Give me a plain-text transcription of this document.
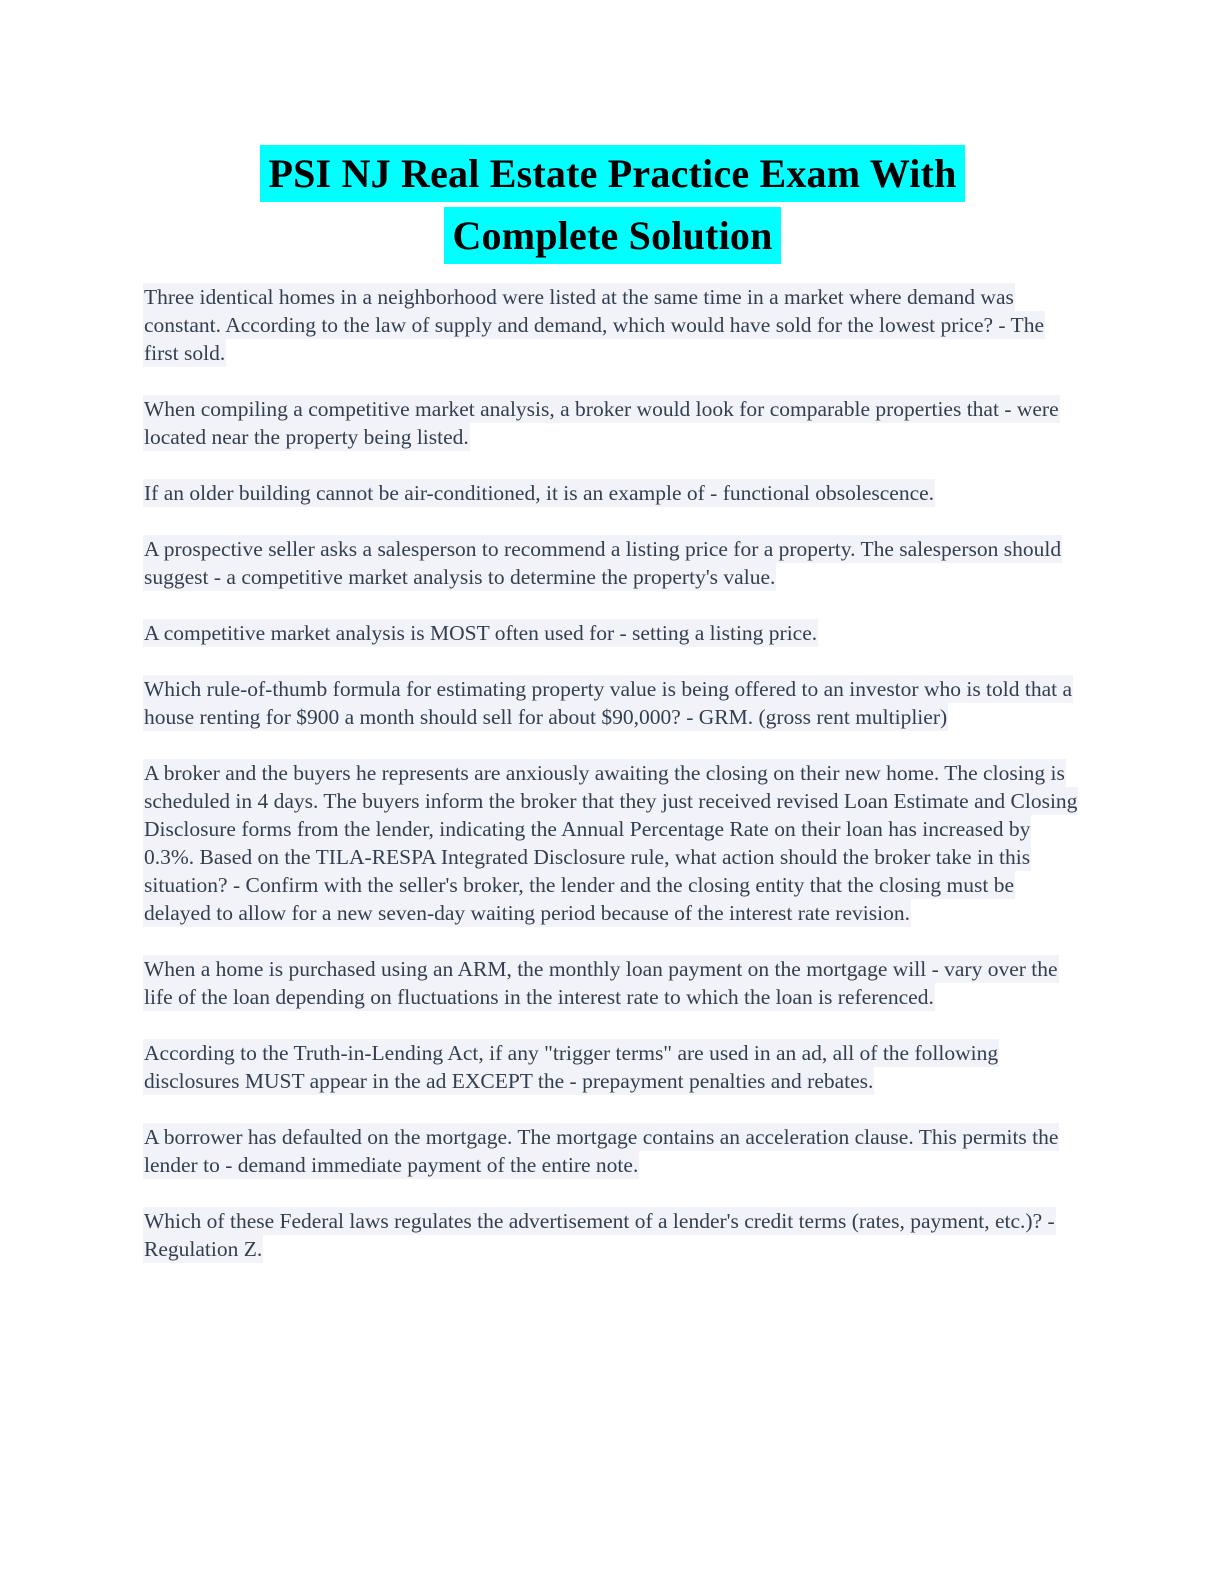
PSI NJ Real Estate Practice Exam With
Complete Solution

Three identical homes in a neighborhood were listed at the same time in a market where demand was constant. According to the law of supply and demand, which would have sold for the lowest price? - The first sold.

When compiling a competitive market analysis, a broker would look for comparable properties that - were located near the property being listed.

If an older building cannot be air-conditioned, it is an example of - functional obsolescence.

A prospective seller asks a salesperson to recommend a listing price for a property. The salesperson should suggest - a competitive market analysis to determine the property's value.

A competitive market analysis is MOST often used for - setting a listing price.

Which rule-of-thumb formula for estimating property value is being offered to an investor who is told that a house renting for $900 a month should sell for about $90,000? - GRM. (gross rent multiplier)

A broker and the buyers he represents are anxiously awaiting the closing on their new home. The closing is scheduled in 4 days. The buyers inform the broker that they just received revised Loan Estimate and Closing Disclosure forms from the lender, indicating the Annual Percentage Rate on their loan has increased by 0.3%. Based on the TILA-RESPA Integrated Disclosure rule, what action should the broker take in this situation? - Confirm with the seller's broker, the lender and the closing entity that the closing must be delayed to allow for a new seven-day waiting period because of the interest rate revision.

When a home is purchased using an ARM, the monthly loan payment on the mortgage will - vary over the life of the loan depending on fluctuations in the interest rate to which the loan is referenced.

According to the Truth-in-Lending Act, if any "trigger terms" are used in an ad, all of the following disclosures MUST appear in the ad EXCEPT the - prepayment penalties and rebates.

A borrower has defaulted on the mortgage. The mortgage contains an acceleration clause. This permits the lender to - demand immediate payment of the entire note.

Which of these Federal laws regulates the advertisement of a lender's credit terms (rates, payment, etc.)? - Regulation Z.
